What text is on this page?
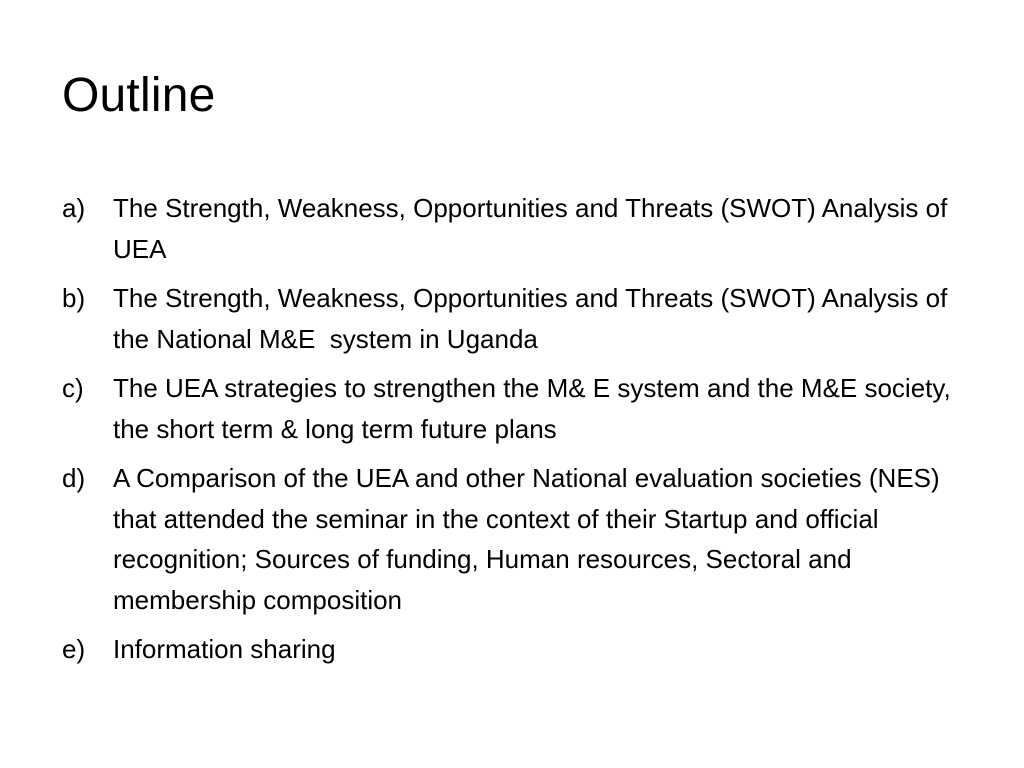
Outline
a)	The Strength, Weakness, Opportunities and Threats (SWOT) Analysis of UEA
b)	The Strength, Weakness, Opportunities and Threats (SWOT) Analysis of the National M&E  system in Uganda
c)	The UEA strategies to strengthen the M& E system and the M&E society, the short term & long term future plans
d)	A Comparison of the UEA and other National evaluation societies (NES) that attended the seminar in the context of their Startup and official recognition; Sources of funding, Human resources, Sectoral and membership composition
e)	Information sharing
